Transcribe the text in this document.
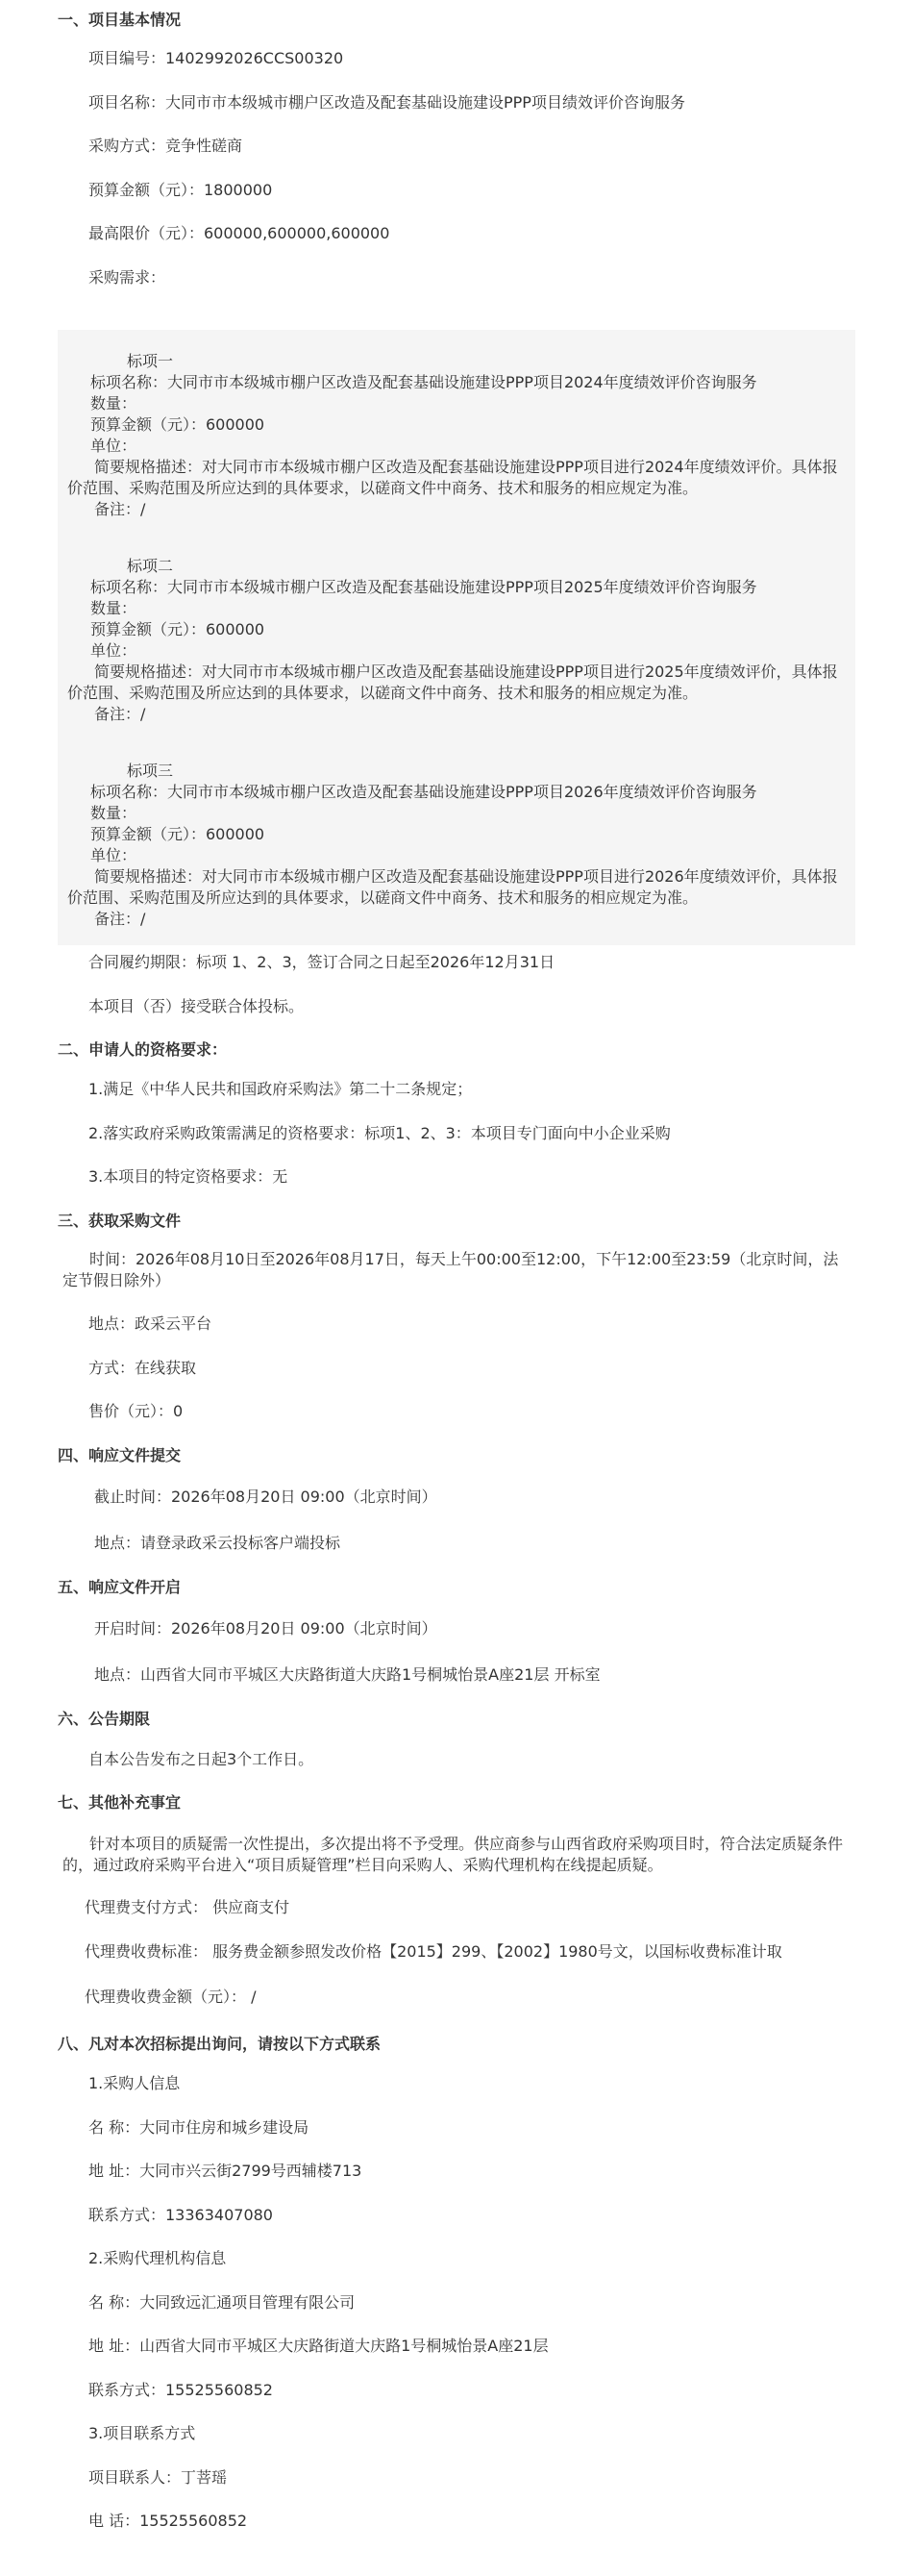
一、项目基本情况
项目编号：1402992026CCS00320
项目名称：大同市市本级城市棚户区改造及配套基础设施建设PPP项目绩效评价咨询服务
采购方式：竞争性磋商
预算金额（元）：1800000
最高限价（元）：600000,600000,600000
采购需求：
标项一
标项名称：大同市市本级城市棚户区改造及配套基础设施建设PPP项目2024年度绩效评价咨询服务
数量：
预算金额（元）：600000
单位：
简要规格描述：对大同市市本级城市棚户区改造及配套基础设施建设PPP项目进行2024年度绩效评价。具体报价范围、采购范围及所应达到的具体要求，以磋商文件中商务、技术和服务的相应规定为准。
备注：/
标项二
标项名称：大同市市本级城市棚户区改造及配套基础设施建设PPP项目2025年度绩效评价咨询服务
数量：
预算金额（元）：600000
单位：
简要规格描述：对大同市市本级城市棚户区改造及配套基础设施建设PPP项目进行2025年度绩效评价，具体报价范围、采购范围及所应达到的具体要求，以磋商文件中商务、技术和服务的相应规定为准。
备注：/
标项三
标项名称：大同市市本级城市棚户区改造及配套基础设施建设PPP项目2026年度绩效评价咨询服务
数量：
预算金额（元）：600000
单位：
简要规格描述：对大同市市本级城市棚户区改造及配套基础设施建设PPP项目进行2026年度绩效评价，具体报价范围、采购范围及所应达到的具体要求，以磋商文件中商务、技术和服务的相应规定为准。
备注：/
合同履约期限：标项 1、2、3，签订合同之日起至2026年12月31日
本项目（否）接受联合体投标。
二、申请人的资格要求：
1.满足《中华人民共和国政府采购法》第二十二条规定；
2.落实政府采购政策需满足的资格要求：标项1、2、3：本项目专门面向中小企业采购
3.本项目的特定资格要求：无
三、获取采购文件
时间：2026年08月10日至2026年08月17日，每天上午00:00至12:00，下午12:00至23:59（北京时间，法定节假日除外）
地点：政采云平台
方式：在线获取
售价（元）：0
四、响应文件提交
截止时间：2026年08月20日 09:00（北京时间）
地点：请登录政采云投标客户端投标
五、响应文件开启
开启时间：2026年08月20日 09:00（北京时间）
地点：山西省大同市平城区大庆路街道大庆路1号桐城怡景A座21层 开标室
六、公告期限
自本公告发布之日起3个工作日。
七、其他补充事宜
针对本项目的质疑需一次性提出，多次提出将不予受理。供应商参与山西省政府采购项目时，符合法定质疑条件的，通过政府采购平台进入“项目质疑管理”栏目向采购人、采购代理机构在线提起质疑。
代理费支付方式： 供应商支付
代理费收费标准： 服务费金额参照发改价格【2015】299、【2002】1980号文，以国标收费标准计取
代理费收费金额（元）： /
八、凡对本次招标提出询问，请按以下方式联系
1.采购人信息
名 称：大同市住房和城乡建设局
地 址：大同市兴云街2799号西辅楼713
联系方式：13363407080
2.采购代理机构信息
名 称：大同致远汇通项目管理有限公司
地 址：山西省大同市平城区大庆路街道大庆路1号桐城怡景A座21层
联系方式：15525560852
3.项目联系方式
项目联系人：丁菩瑶
电 话：15525560852
